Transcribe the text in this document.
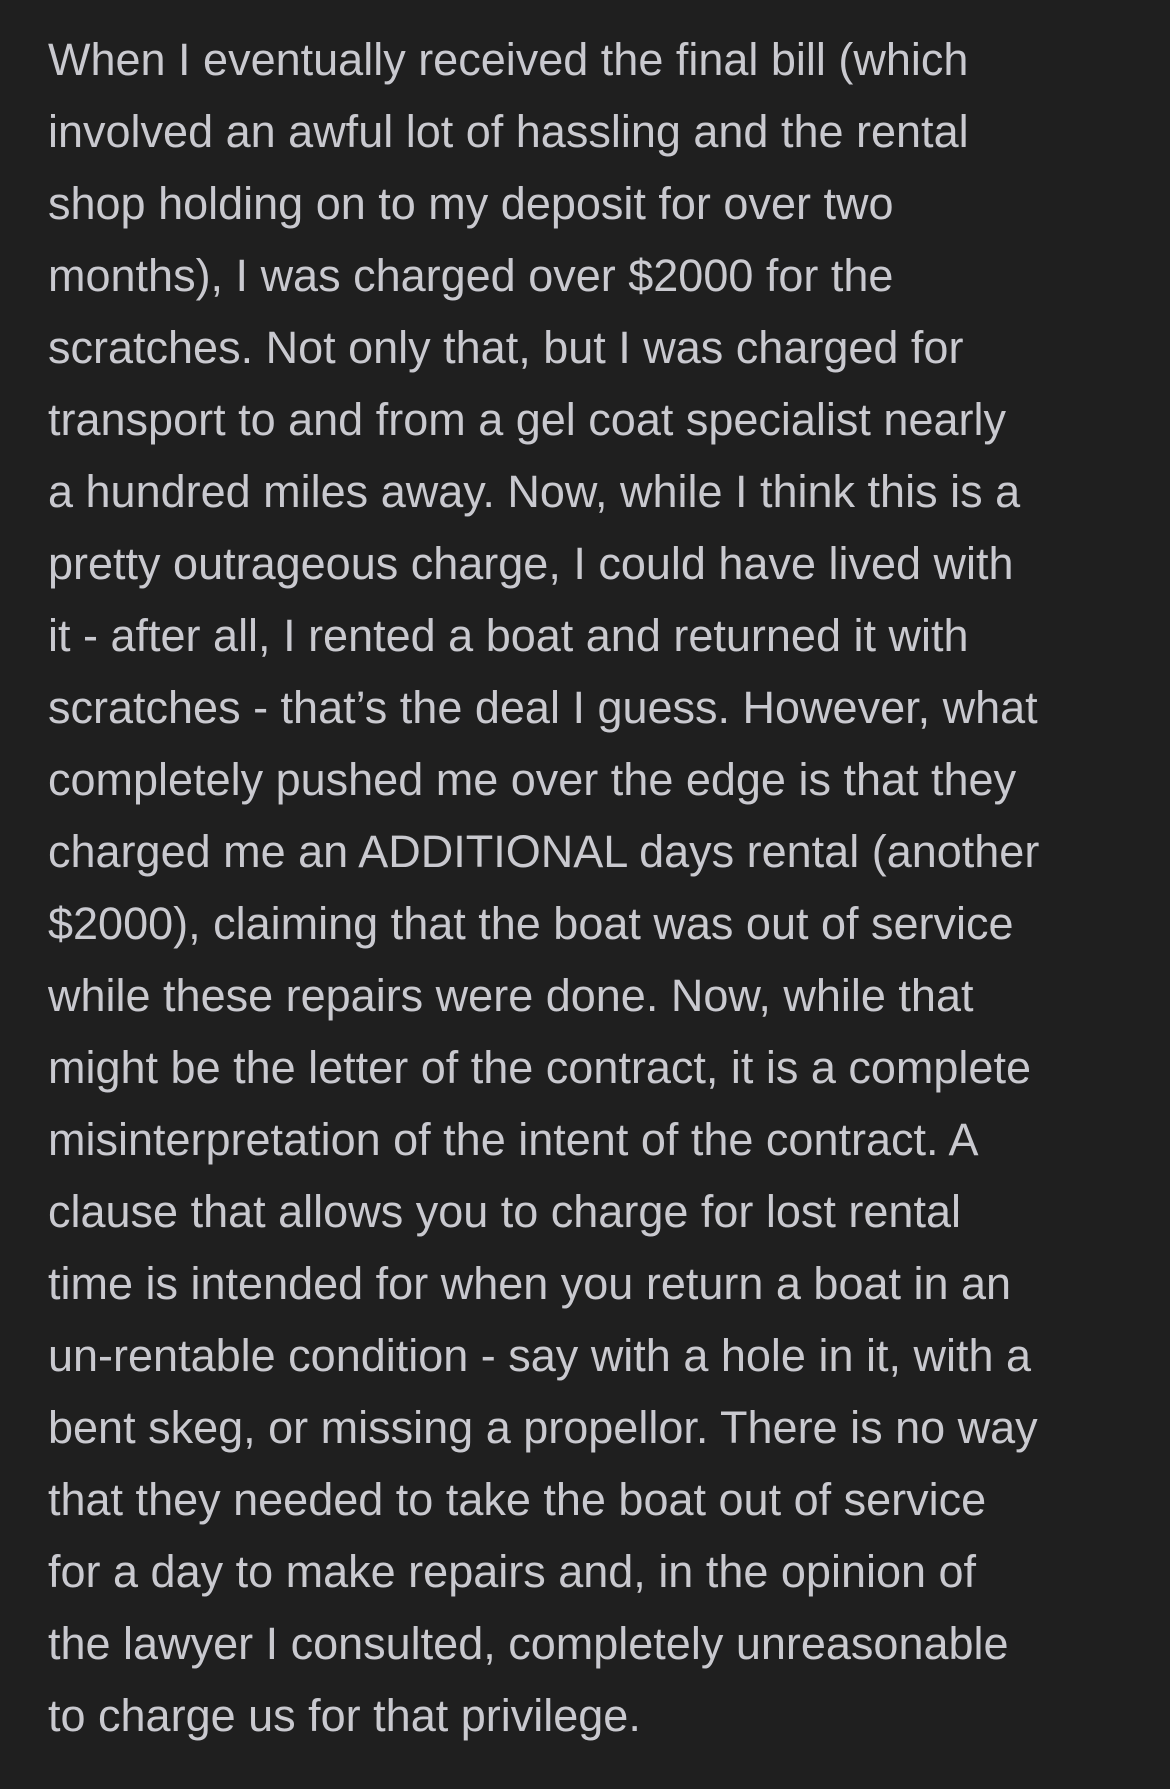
When I eventually received the final bill (which
involved an awful lot of hassling and the rental
shop holding on to my deposit for over two
months), I was charged over $2000 for the
scratches. Not only that, but I was charged for
transport to and from a gel coat specialist nearly
a hundred miles away. Now, while I think this is a
pretty outrageous charge, I could have lived with
it - after all, I rented a boat and returned it with
scratches - that’s the deal I guess. However, what
completely pushed me over the edge is that they
charged me an ADDITIONAL days rental (another
$2000), claiming that the boat was out of service
while these repairs were done. Now, while that
might be the letter of the contract, it is a complete
misinterpretation of the intent of the contract. A
clause that allows you to charge for lost rental
time is intended for when you return a boat in an
un-rentable condition - say with a hole in it, with a
bent skeg, or missing a propellor. There is no way
that they needed to take the boat out of service
for a day to make repairs and, in the opinion of
the lawyer I consulted, completely unreasonable
to charge us for that privilege.
